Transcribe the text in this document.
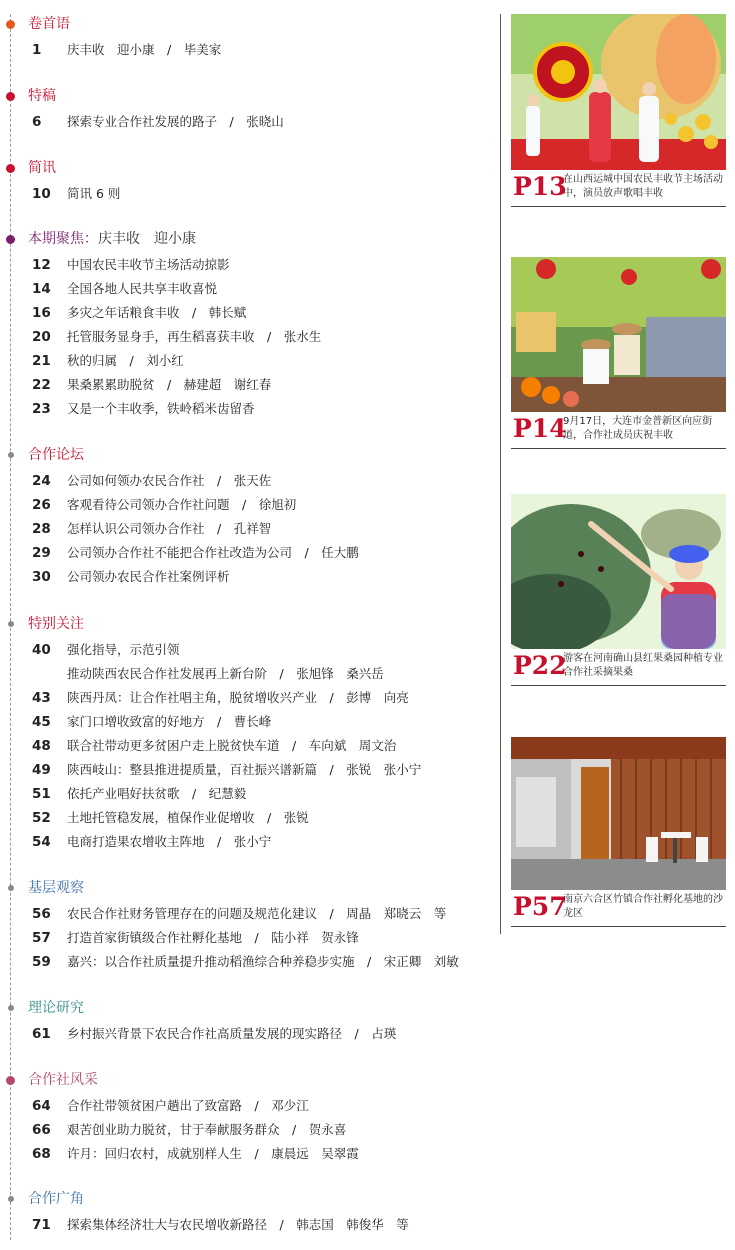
卷首语
1	庆丰收　迎小康　/　毕美家
特稿
6	探索专业合作社发展的路子　/　张晓山
简讯
10	简讯 6 则
本期聚焦：庆丰收　迎小康
12	中国农民丰收节主场活动掠影
14	全国各地人民共享丰收喜悦
16	多灾之年话粮食丰收　/　韩长赋
20	托管服务显身手，再生稻喜获丰收　/　张水生
21	秋的归属　/　刘小红
22	果桑累累助脱贫　/　赫建超　谢红春
23	又是一个丰收季，铁岭稻米齿留香
合作论坛
24	公司如何领办农民合作社　/　张天佐
26	客观看待公司领办合作社问题　/　徐旭初
28	怎样认识公司领办合作社　/　孔祥智
29	公司领办合作社不能把合作社改造为公司　/　任大鹏
30	公司领办农民合作社案例评析
特别关注
40	强化指导，示范引领
推动陕西农民合作社发展再上新台阶　/　张旭锋　桑兴岳
43	陕西丹凤：让合作社唱主角，脱贫增收兴产业　/　彭博　向亮
45	家门口增收致富的好地方　/　曹长峰
48	联合社带动更多贫困户走上脱贫快车道　/　车向斌　周文治
49	陕西岐山：整县推进提质量，百社振兴谱新篇　/　张锐　张小宁
51	依托产业唱好扶贫歌　/　纪慧毅
52	土地托管稳发展，植保作业促增收　/　张锐
54	电商打造果农增收主阵地　/　张小宁
基层观察
56	农民合作社财务管理存在的问题及规范化建议　/　周晶　郑晓云　等
57	打造首家街镇级合作社孵化基地　/　陆小祥　贺永锋
59	嘉兴：以合作社质量提升推动稻渔综合种养稳步实施　/　宋正卿　刘敏
理论研究
61	乡村振兴背景下农民合作社高质量发展的现实路径　/　占瑛
合作社风采
64	合作社带领贫困户趟出了致富路　/　邓少江
66	艰苦创业助力脱贫，甘于奉献服务群众　/　贺永喜
68	许月：回归农村，成就别样人生　/　康晨远　吴翠霞
合作广角
71	探索集体经济壮大与农民增收新路径　/　韩志国　韩俊华　等
P13
在山西运城中国农民丰收节主场活动中，演员放声歌唱丰收
P14
9月17日，大连市金普新区向应街道，合作社成员庆祝丰收
P22
游客在河南确山县红果桑园种植专业合作社采摘果桑
P57
南京六合区竹镇合作社孵化基地的沙龙区
